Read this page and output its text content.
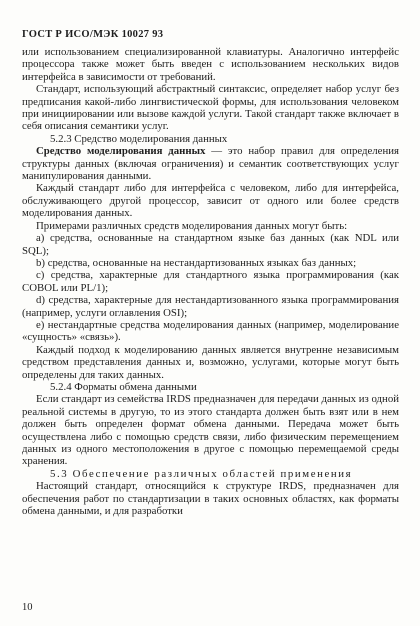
ГОСТ Р ИСО/МЭК 10027 93

или использованием специализированной клавиатуры. Аналогично интерфейс процессора также может быть введен с использованием нескольких видов интерфейса в зависимости от требований.

Стандарт, использующий абстрактный синтаксис, определяет набор услуг без предписания какой-либо лингвистической формы, для использования человеком при инициировании или вызове каждой услуги. Такой стандарт также включает в себя описания семантики услуг.

5.2.3 Средство моделирования данных

Средство моделирования данных — это набор правил для определения структуры данных (включая ограничения) и семантик соответствующих услуг манипулирования данными.

Каждый стандарт либо для интерфейса с человеком, либо для интерфейса, обслуживающего другой процессор, зависит от одного или более средств моделирования данных.

Примерами различных средств моделирования данных могут быть:

а) средства, основанные на стандартном языке баз данных (как NDL или SQL);

b) средства, основанные на нестандартизованных языках баз данных;

c) средства, характерные для стандартного языка программирования (как COBOL или PL/1);

d) средства, характерные для нестандартизованного языка программирования (например, услуги оглавления OSI);

e) нестандартные средства моделирования данных (например, моделирование «сущность» «связь»).

Каждый подход к моделированию данных является внутренне независимым средством представления данных и, возможно, услугами, которые могут быть определены для таких данных.

5.2.4 Форматы обмена данными

Если стандарт из семейства IRDS предназначен для передачи данных из одной реальной системы в другую, то из этого стандарта должен быть взят или в нем должен быть определен формат обмена данными. Передача может быть осуществлена либо с помощью средств связи, либо физическим перемещением данных из одного местоположения в другое с помощью перемещаемой среды хранения.

5.3 Обеспечение различных областей применения

Настоящий стандарт, относящийся к структуре IRDS, предназначен для обеспечения работ по стандартизации в таких основных областях, как форматы обмена данными, и для разработки

10
